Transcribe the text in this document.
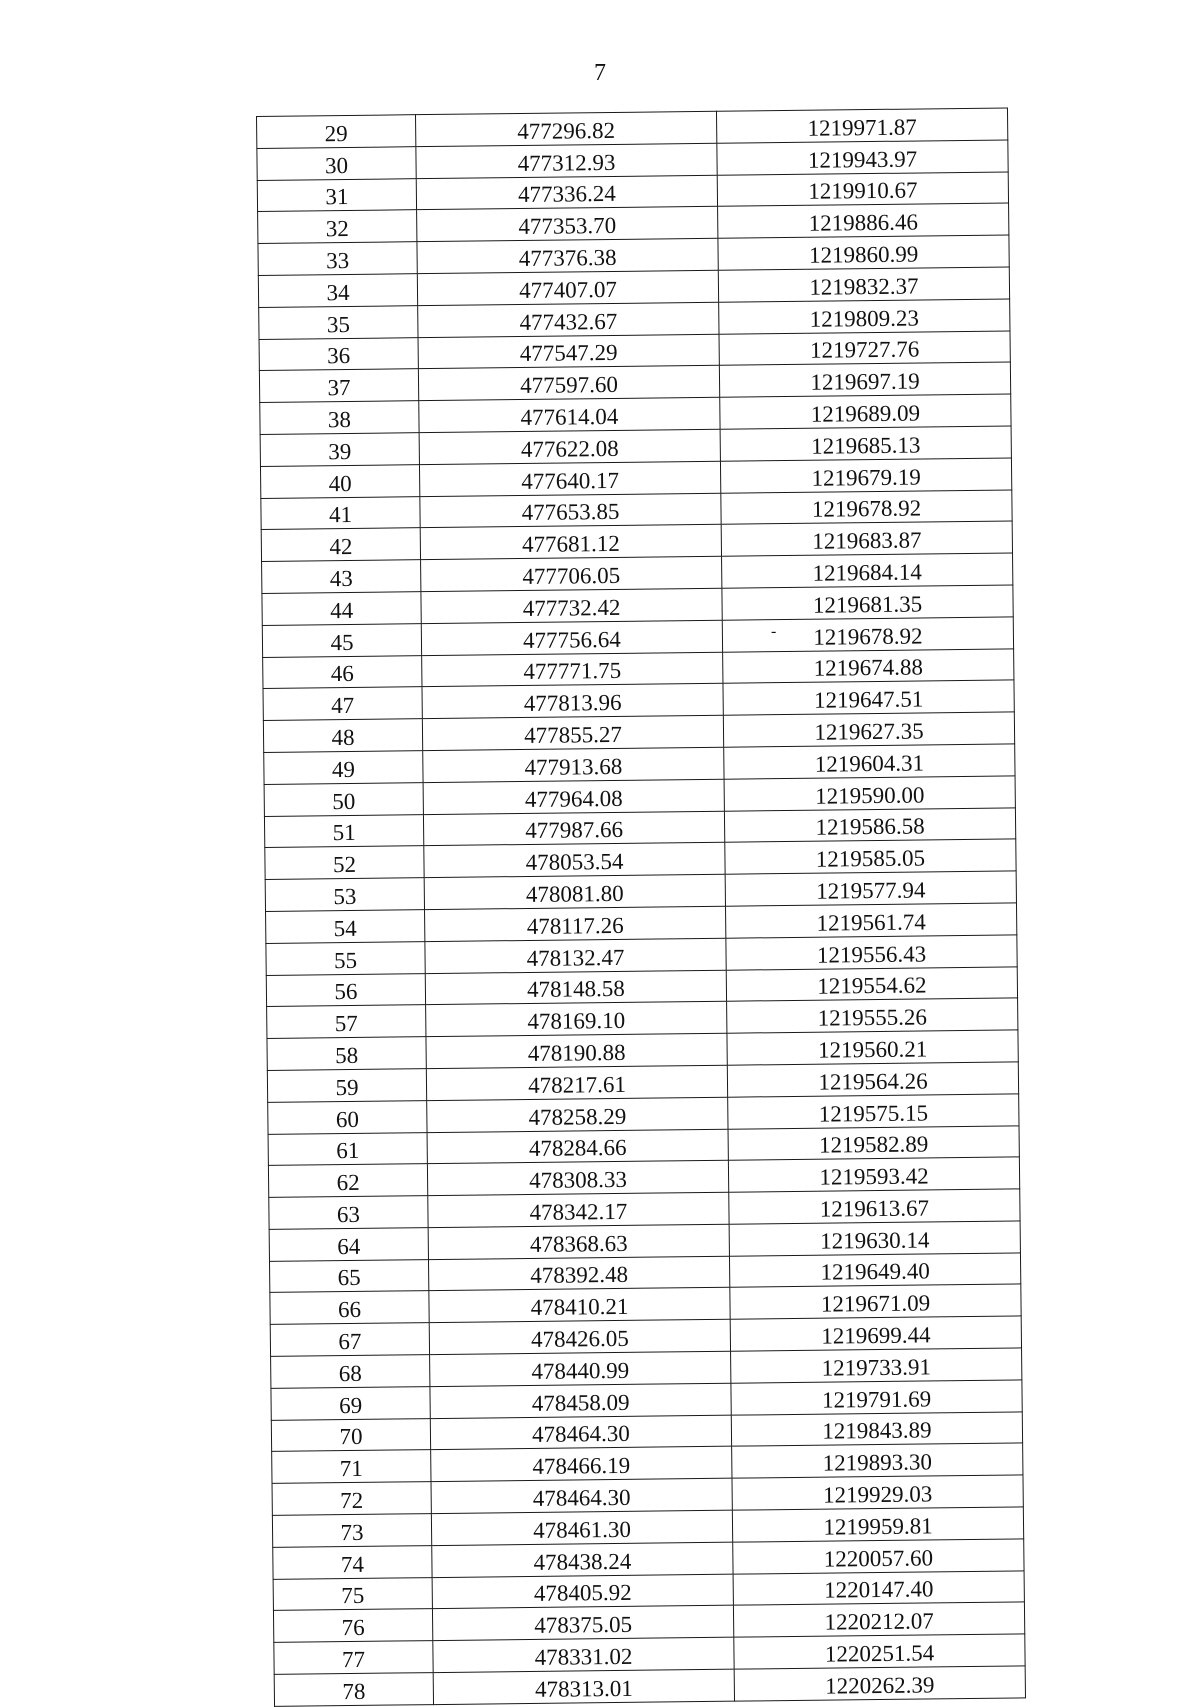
7
29	477296.82	1219971.87
30	477312.93	1219943.97
31	477336.24	1219910.67
32	477353.70	1219886.46
33	477376.38	1219860.99
34	477407.07	1219832.37
35	477432.67	1219809.23
36	477547.29	1219727.76
37	477597.60	1219697.19
38	477614.04	1219689.09
39	477622.08	1219685.13
40	477640.17	1219679.19
41	477653.85	1219678.92
42	477681.12	1219683.87
43	477706.05	1219684.14
44	477732.42	1219681.35
45	477756.64	1219678.92
46	477771.75	1219674.88
47	477813.96	1219647.51
48	477855.27	1219627.35
49	477913.68	1219604.31
50	477964.08	1219590.00
51	477987.66	1219586.58
52	478053.54	1219585.05
53	478081.80	1219577.94
54	478117.26	1219561.74
55	478132.47	1219556.43
56	478148.58	1219554.62
57	478169.10	1219555.26
58	478190.88	1219560.21
59	478217.61	1219564.26
60	478258.29	1219575.15
61	478284.66	1219582.89
62	478308.33	1219593.42
63	478342.17	1219613.67
64	478368.63	1219630.14
65	478392.48	1219649.40
66	478410.21	1219671.09
67	478426.05	1219699.44
68	478440.99	1219733.91
69	478458.09	1219791.69
70	478464.30	1219843.89
71	478466.19	1219893.30
72	478464.30	1219929.03
73	478461.30	1219959.81
74	478438.24	1220057.60
75	478405.92	1220147.40
76	478375.05	1220212.07
77	478331.02	1220251.54
78	478313.01	1220262.39
-
